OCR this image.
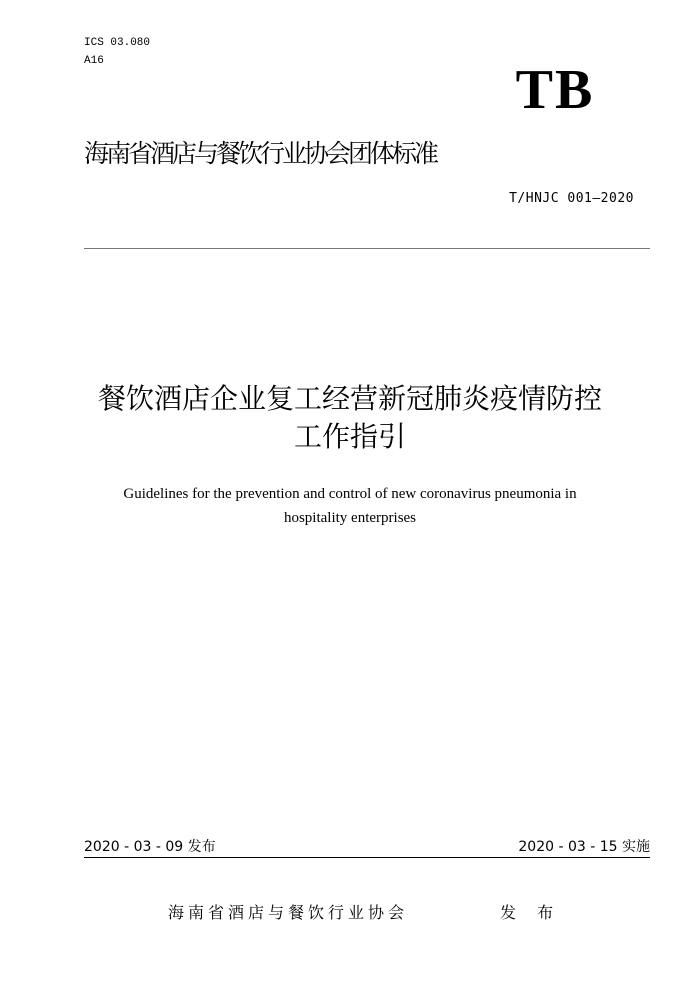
ICS 03.080
A16	TB
海南省酒店与餐饮行业协会团体标准
T/HNJC 001—2020
餐饮酒店企业复工经营新冠肺炎疫情防控
工作指引
Guidelines for the prevention and control of new coronavirus pneumonia in
hospitality enterprises
2020 - 03 - 09 发布	2020 - 03 - 15 实施
海南省酒店与餐饮行业协会	发 布
